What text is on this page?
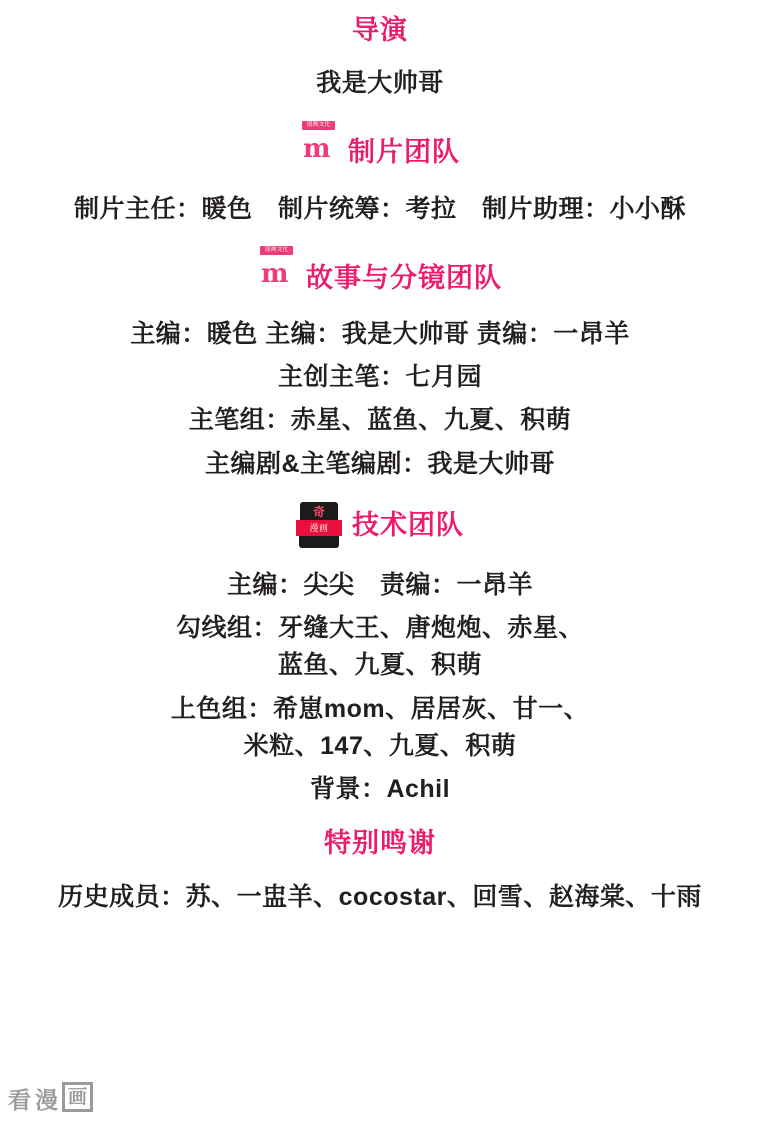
导演
我是大帅哥
制片团队
制片主任：暖色　制片统筹：考拉　制片助理：小小酥
故事与分镜团队
主编：暖色 主编：我是大帅哥 责编：一昂羊
主创主笔：七月园
主笔组：赤星、蓝鱼、九夏、积萌
主编剧&主笔编剧：我是大帅哥
奇
漫画 技术团队
主编：尖尖　责编：一昂羊
勾线组：牙缝大王、唐炮炮、赤星、
蓝鱼、九夏、积萌
上色组：希崽mom、居居灰、甘一、
米粒、147、九夏、积萌
背景：Achil
特别鸣谢
历史成员：苏、一盅羊、cocostar、回雪、赵海棠、十雨
看 漫 画
